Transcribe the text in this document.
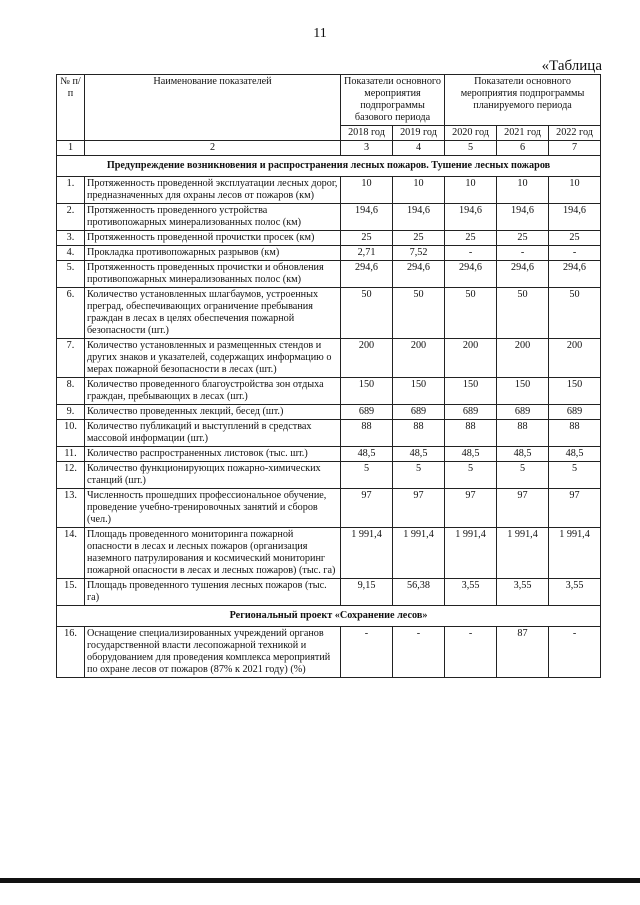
11
«Таблица
№ п/п	Наименование показателей	Показатели основного мероприятия подпрограммы базового периода		Показатели основного мероприятия подпрограммы планируемого периода		
		2018 год	2019 год	2020 год	2021 год	2022 год
1	2	3	4	5	6	7
Предупреждение возникновения и распространения лесных пожаров. Тушение лесных пожаров						
1.	Протяженность проведенной эксплуатации лесных дорог, предназначенных для охраны лесов от пожаров (км)	10	10	10	10	10
2.	Протяженность проведенного устройства противопожарных минерализованных полос (км)	194,6	194,6	194,6	194,6	194,6
3.	Протяженность проведенной прочистки просек (км)	25	25	25	25	25
4.	Прокладка противопожарных разрывов (км)	2,71	7,52	-	-	-
5.	Протяженность проведенных прочистки и обновления противопожарных минерализованных полос (км)	294,6	294,6	294,6	294,6	294,6
6.	Количество установленных шлагбаумов, устроенных преград, обеспечивающих ограничение пребывания граждан в лесах в целях обеспечения пожарной безопасности (шт.)	50	50	50	50	50
7.	Количество установленных и размещенных стендов и других знаков и указателей, содержащих информацию о мерах пожарной безопасности в лесах (шт.)	200	200	200	200	200
8.	Количество проведенного благоустройства зон отдыха граждан, пребывающих в лесах (шт.)	150	150	150	150	150
9.	Количество проведенных лекций, бесед (шт.)	689	689	689	689	689
10.	Количество публикаций и выступлений в средствах массовой информации (шт.)	88	88	88	88	88
11.	Количество распространенных листовок (тыс. шт.)	48,5	48,5	48,5	48,5	48,5
12.	Количество функционирующих пожарно-химических станций (шт.)	5	5	5	5	5
13.	Численность прошедших профессиональное обучение, проведение учебно-тренировочных занятий и сборов (чел.)	97	97	97	97	97
14.	Площадь проведенного мониторинга пожарной опасности в лесах и лесных пожаров (организация наземного патрулирования и космический мониторинг пожарной опасности в лесах и лесных пожаров) (тыс. га)	1 991,4	1 991,4	1 991,4	1 991,4	1 991,4
15.	Площадь проведенного тушения лесных пожаров (тыс. га)	9,15	56,38	3,55	3,55	3,55
Региональный проект «Сохранение лесов»						
16.	Оснащение специализированных учреждений органов государственной власти лесопожарной техникой и оборудованием для проведения комплекса мероприятий по охране лесов от пожаров (87% к 2021 году) (%)	-	-	-	87	-
